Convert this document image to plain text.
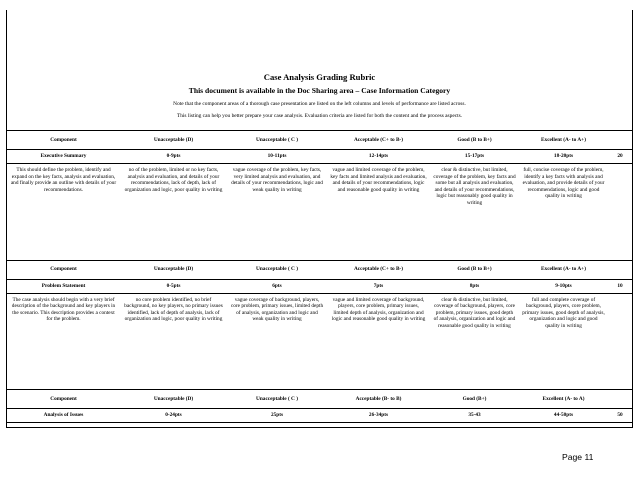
Case Analysis Grading Rubric
This document is available in the Doc Sharing area – Case Information Category
Note that the component areas of a thorough case presentation are listed on the left columns and levels of performance are listed across.
This listing can help you better prepare your case analysis. Evaluation criteria are listed for both the content and the process aspects.
Component	Unacceptable (D)	Unacceptable ( C )	Acceptable (C+ to B-)	Good (B to B+)	Excellent (A- to A+)	
Executive Summary	0-9pts	10-11pts	12-14pts	15-17pts	18-20pts	20
This should define the problem, identify and expand on the key facts, analysis and evaluation, and finally provide an outline with details of your recommendations.	no of the problem, limited or no key facts, analysis and evaluation, and details of your recommendations, lack of depth, lack of organization and logic, poor quality in writing	vague coverage of the problem, key facts, very limited analysis and evaluation, and details of your recommendations, logic and weak quality in writing	vague and limited coverage of the problem, key facts and limited analysis and evaluation, and details of your recommendations, logic and reasonable good quality in writing	clear & distinctive, but limited, coverage of the problem, key facts and some but all analysis and evaluation, and details of your recommendations, logic but reasonably good quality in writing	full, concise coverage of the problem, identify a key facts with analysis and evaluation, and provide details of your recommendations, logic and good quality in writing	

Component	Unacceptable (D)	Unacceptable ( C )	Acceptable (C+ to B-)	Good (B to B+)	Excellent (A- to A+)	
Problem Statement	0-5pts	6pts	7pts	8pts	9-10pts	10
The case analysis should begin with a very brief description of the background and key players in the scenario. This description provides a context for the problem.	no core problem identified, no brief background, no key players, no primary issues identified, lack of depth of analysis, lack of organization and logic, poor quality in writing	vague coverage of background, players, core problem, primary issues, limited depth of analysis, organization and logic and weak quality in writing	vague and limited coverage of background, players, core problem, primary issues, limited depth of analysis, organization and logic and reasonable good quality in writing	clear & distinctive, but limited, coverage of background, players, core problem, primary issues, good depth of analysis, organization and logic and reasonable good quality in writing	full and complete coverage of background, players, core problem, primary issues, good depth of analysis, organization and logic and good quality in writing	

Component	Unacceptable (D)	Unacceptable ( C )	Acceptable (B- to B)	Good (B+)	Excellent (A- to A)	
Analysis of Issues	0-24pts	25pts	26-34pts	35-43	44-50pts	50
Page 11
